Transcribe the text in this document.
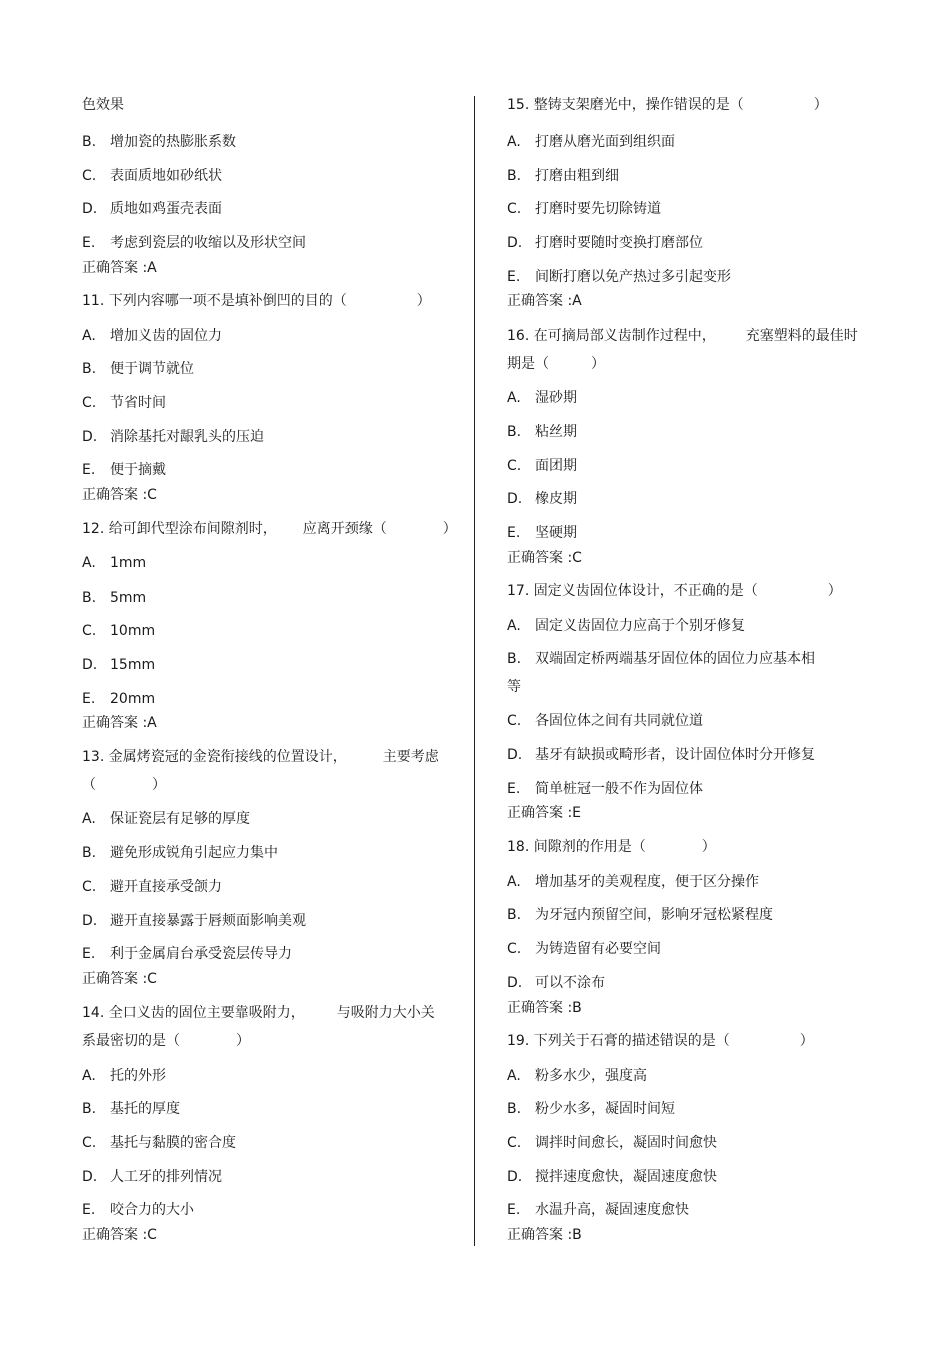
色效果
B. 增加瓷的热膨胀系数
C. 表面质地如砂纸状
D. 质地如鸡蛋壳表面
E. 考虑到瓷层的收缩以及形状空间
正确答案 :A
11. 下列内容哪一项不是填补倒凹的目的（　　　　　）
A. 增加义齿的固位力
B. 便于调节就位
C. 节省时间
D. 消除基托对龈乳头的压迫
E. 便于摘戴
正确答案 :C
12. 给可卸代型涂布间隙剂时， 应离开颈缘（　　　　）
A. 1mm
B. 5mm
C. 10mm
D. 15mm
E. 20mm
正确答案 :A
13. 金属烤瓷冠的金瓷衔接线的位置设计，	主要考虑
（　　　　）
A. 保证瓷层有足够的厚度
B. 避免形成锐角引起应力集中
C. 避开直接承受颌力
D. 避开直接暴露于唇颊面影响美观
E. 利于金属肩台承受瓷层传导力
正确答案 :C
14. 全口义齿的固位主要靠吸附力， 与吸附力大小关
系最密切的是（　　　　）
A. 托的外形
B. 基托的厚度
C. 基托与黏膜的密合度
D. 人工牙的排列情况
E. 咬合力的大小
正确答案 :C
15. 整铸支架磨光中，操作错误的是（　　　　　）
A. 打磨从磨光面到组织面
B. 打磨由粗到细
C. 打磨时要先切除铸道
D. 打磨时要随时变换打磨部位
E. 间断打磨以免产热过多引起变形
正确答案 :A
16. 在可摘局部义齿制作过程中， 充塞塑料的最佳时
期是（　　　）
A. 湿砂期
B. 粘丝期
C. 面团期
D. 橡皮期
E. 坚硬期
正确答案 :C
17. 固定义齿固位体设计，不正确的是（　　　　　）
A. 固定义齿固位力应高于个别牙修复
B. 双端固定桥两端基牙固位体的固位力应基本相
等
C. 各固位体之间有共同就位道
D. 基牙有缺损或畸形者，设计固位体时分开修复
E. 简单桩冠一般不作为固位体
正确答案 :E
18. 间隙剂的作用是（　　　　）
A. 增加基牙的美观程度，便于区分操作
B. 为牙冠内预留空间，影响牙冠松紧程度
C. 为铸造留有必要空间
D. 可以不涂布
正确答案 :B
19. 下列关于石膏的描述错误的是（　　　　　）
A. 粉多水少，强度高
B. 粉少水多，凝固时间短
C. 调拌时间愈长，凝固时间愈快
D. 搅拌速度愈快，凝固速度愈快
E. 水温升高，凝固速度愈快
正确答案 :B
